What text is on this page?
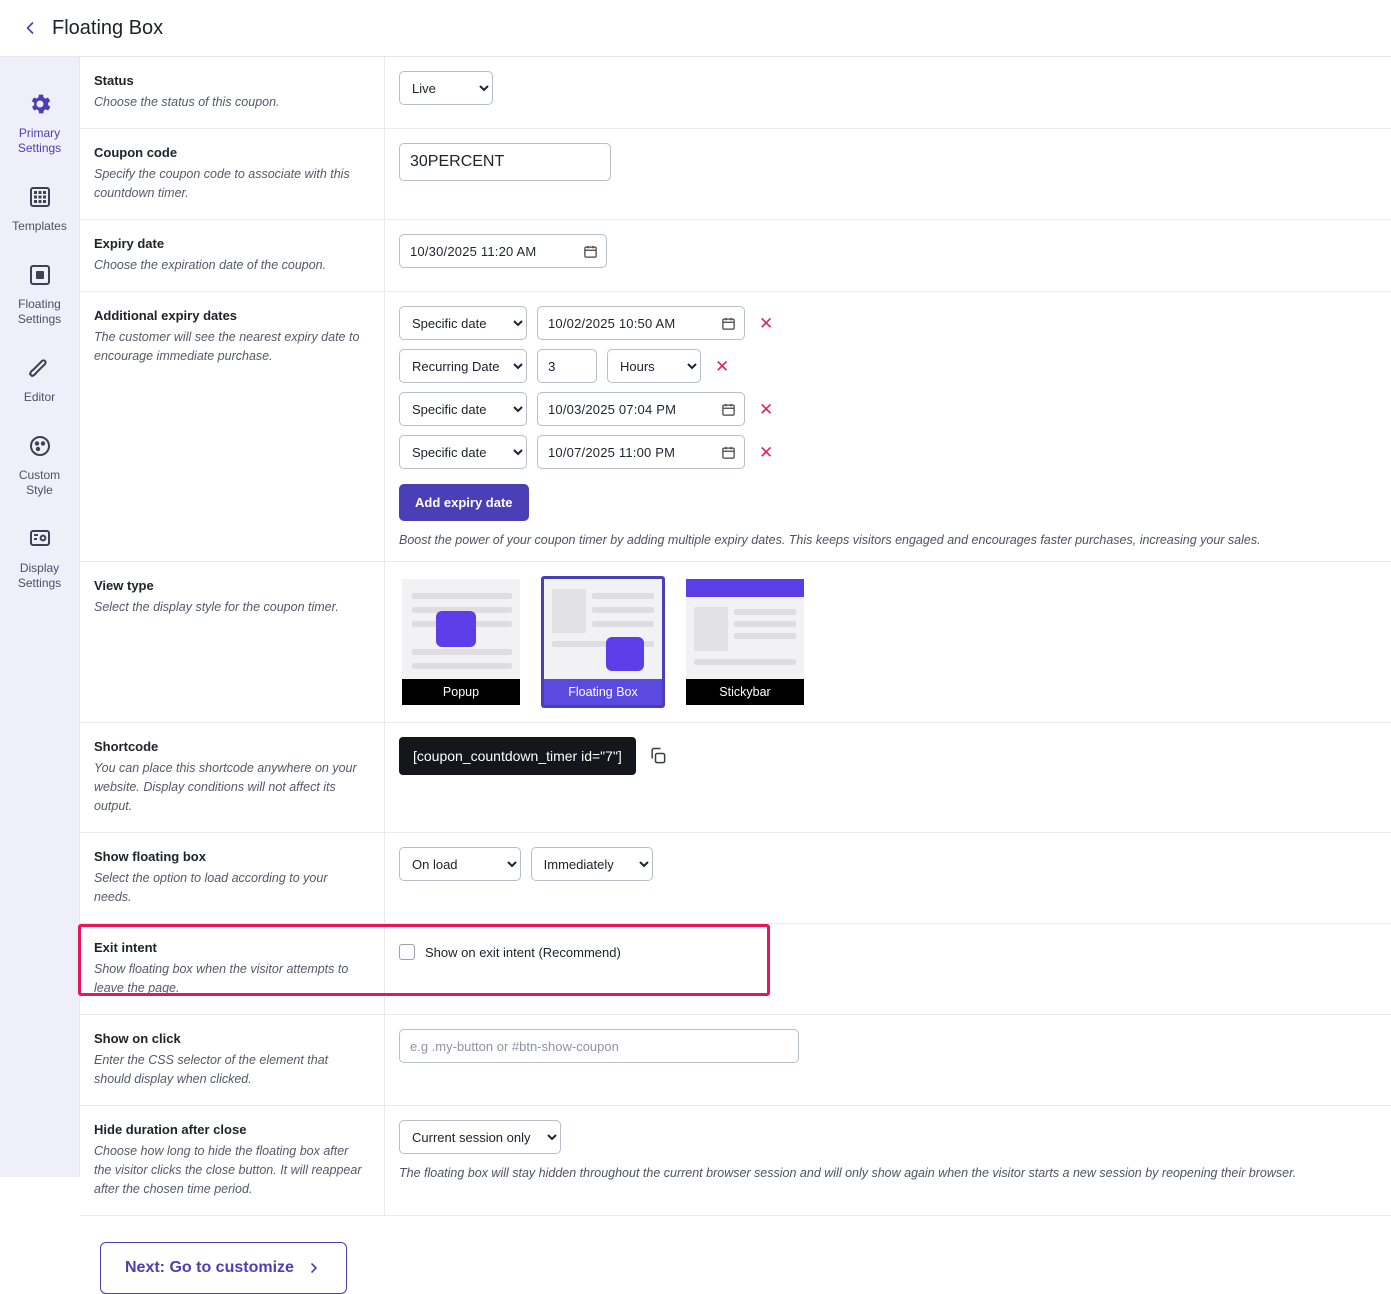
Floating Box
Primary Settings
Templates
Floating Settings
Editor
Custom Style
Display Settings
Status
Choose the status of this coupon.
Live
Coupon code
Specify the coupon code to associate with this countdown timer.
30PERCENT
Expiry date
Choose the expiration date of the coupon.
10/30/2025 11:20 AM
Additional expiry dates
The customer will see the nearest expiry date to encourage immediate purchase.
Specific date
10/02/2025 10:50 AM	✕
Recurring Date
3
Hours
✕
Specific date
10/03/2025 07:04 PM	✕
Specific date
10/07/2025 11:00 PM	✕
Add expiry date
Boost the power of your coupon timer by adding multiple expiry dates. This keeps visitors engaged and encourages faster purchases, increasing your sales.
View type
Select the display style for the coupon timer.
Popup	Floating Box	Stickybar
Shortcode
You can place this shortcode anywhere on your website. Display conditions will not affect its output.
[coupon_countdown_timer id="7"]
Show floating box
Select the option to load according to your needs.
On load
Immediately
Exit intent
Show floating box when the visitor attempts to leave the page.
Show on exit intent (Recommend)
Show on click
Enter the CSS selector of the element that should display when clicked.
e.g .my-button or #btn-show-coupon
Hide duration after close
Choose how long to hide the floating box after the visitor clicks the close button. It will reappear after the chosen time period.
Current session only
The floating box will stay hidden throughout the current browser session and will only show again when the visitor starts a new session by reopening their browser.
Next: Go to customize
